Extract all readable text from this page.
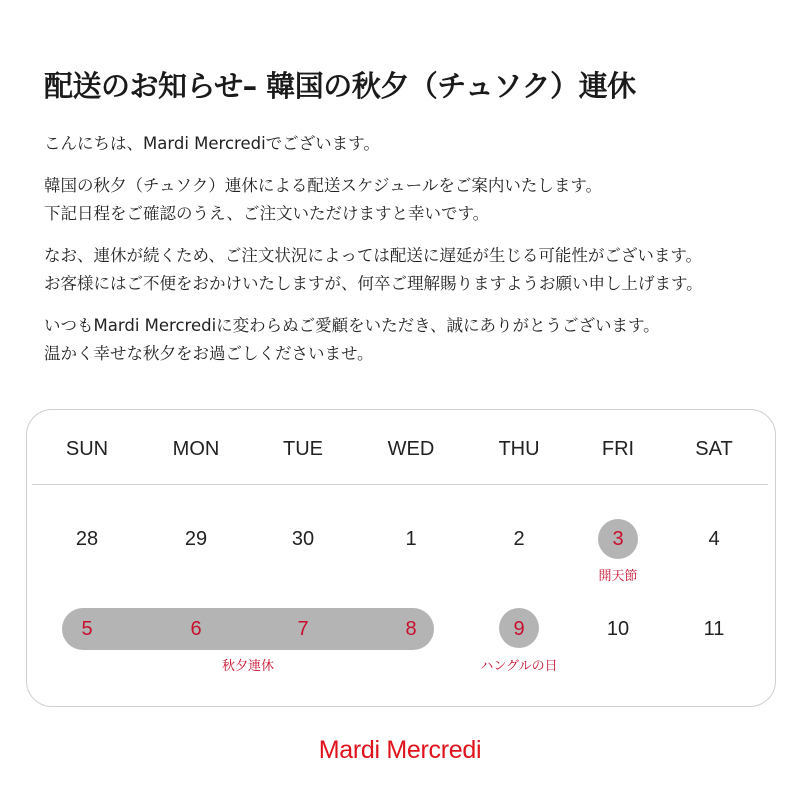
配送のお知らせ– 韓国の秋夕（チュソク）連休
こんにちは、Mardi Mercrediでございます。
韓国の秋夕（チュソク）連休による配送スケジュールをご案内いたします。
下記日程をご確認のうえ、ご注文いただけますと幸いです。
なお、連休が続くため、ご注文状況によっては配送に遅延が生じる可能性がございます。
お客様にはご不便をおかけいたしますが、何卒ご理解賜りますようお願い申し上げます。
いつもMardi Mercrediに変わらぬご愛顧をいただき、誠にありがとうございます。
温かく幸せな秋夕をお過ごしくださいませ。
SUN	MON	TUE	WED	THU	FRI	SAT
28	29	30	1	2	3	4
5	6	7	8	9	10	11
開天節
秋夕連休	ハングルの日
Mardi Mercredi
